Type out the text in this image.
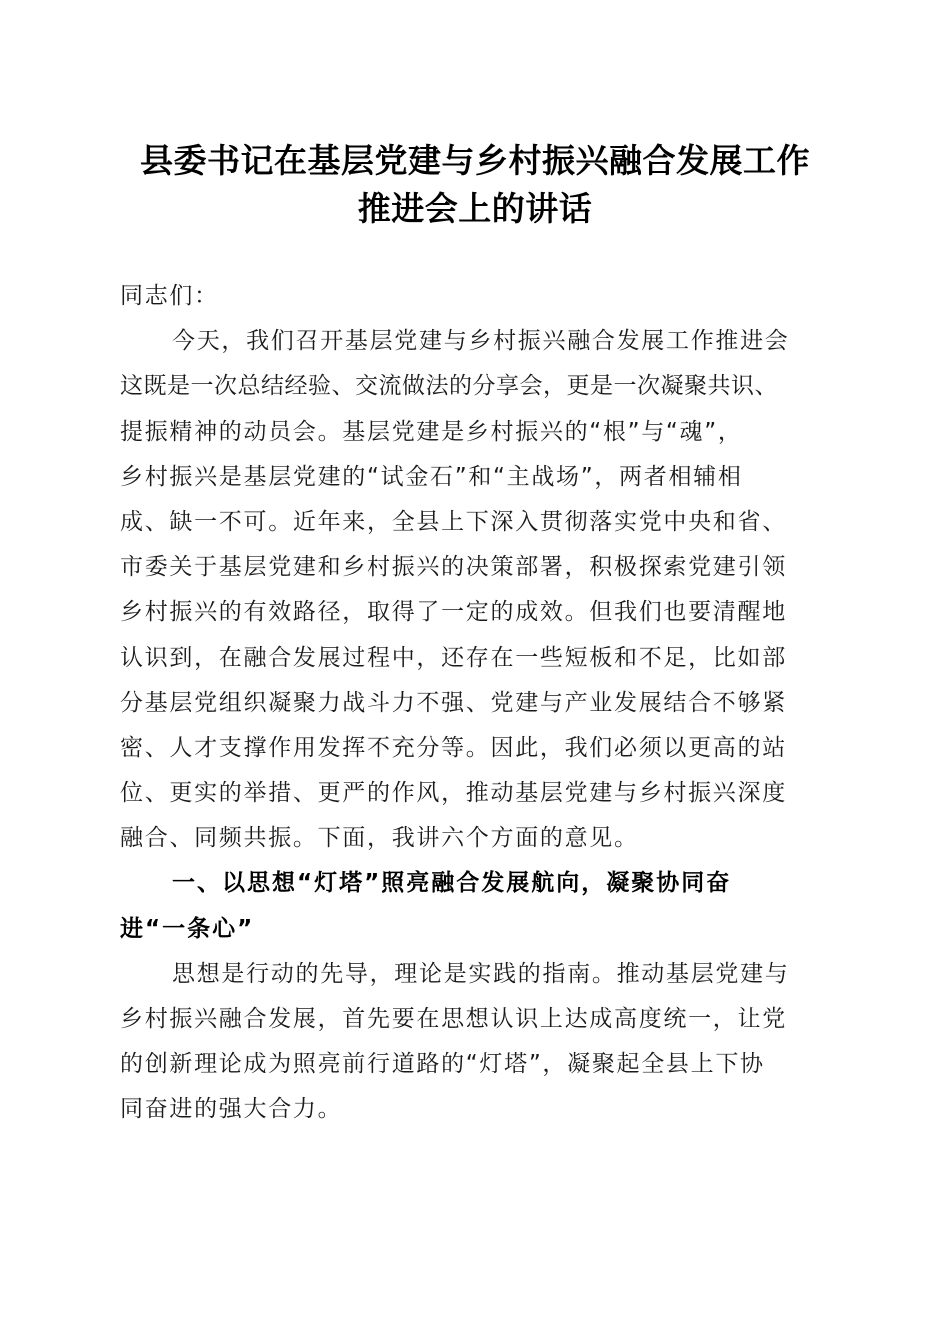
县委书记在基层党建与乡村振兴融合发展工作
推进会上的讲话
同志们：
今天，我们召开基层党建与乡村振兴融合发展工作推进会
这既是一次总结经验、交流做法的分享会，更是一次凝聚共识、
提振精神的动员会。基层党建是乡村振兴的“根”与“魂”，
乡村振兴是基层党建的“试金石”和“主战场”，两者相辅相
成、缺一不可。近年来，全县上下深入贯彻落实党中央和省、
市委关于基层党建和乡村振兴的决策部署，积极探索党建引领
乡村振兴的有效路径，取得了一定的成效。但我们也要清醒地
认识到，在融合发展过程中，还存在一些短板和不足，比如部
分基层党组织凝聚力战斗力不强、党建与产业发展结合不够紧
密、人才支撑作用发挥不充分等。因此，我们必须以更高的站
位、更实的举措、更严的作风，推动基层党建与乡村振兴深度
融合、同频共振。下面，我讲六个方面的意见。
一、以思想“灯塔”照亮融合发展航向，凝聚协同奋
进“一条心”
思想是行动的先导，理论是实践的指南。推动基层党建与
乡村振兴融合发展，首先要在思想认识上达成高度统一，让党
的创新理论成为照亮前行道路的“灯塔”，凝聚起全县上下协
同奋进的强大合力。
